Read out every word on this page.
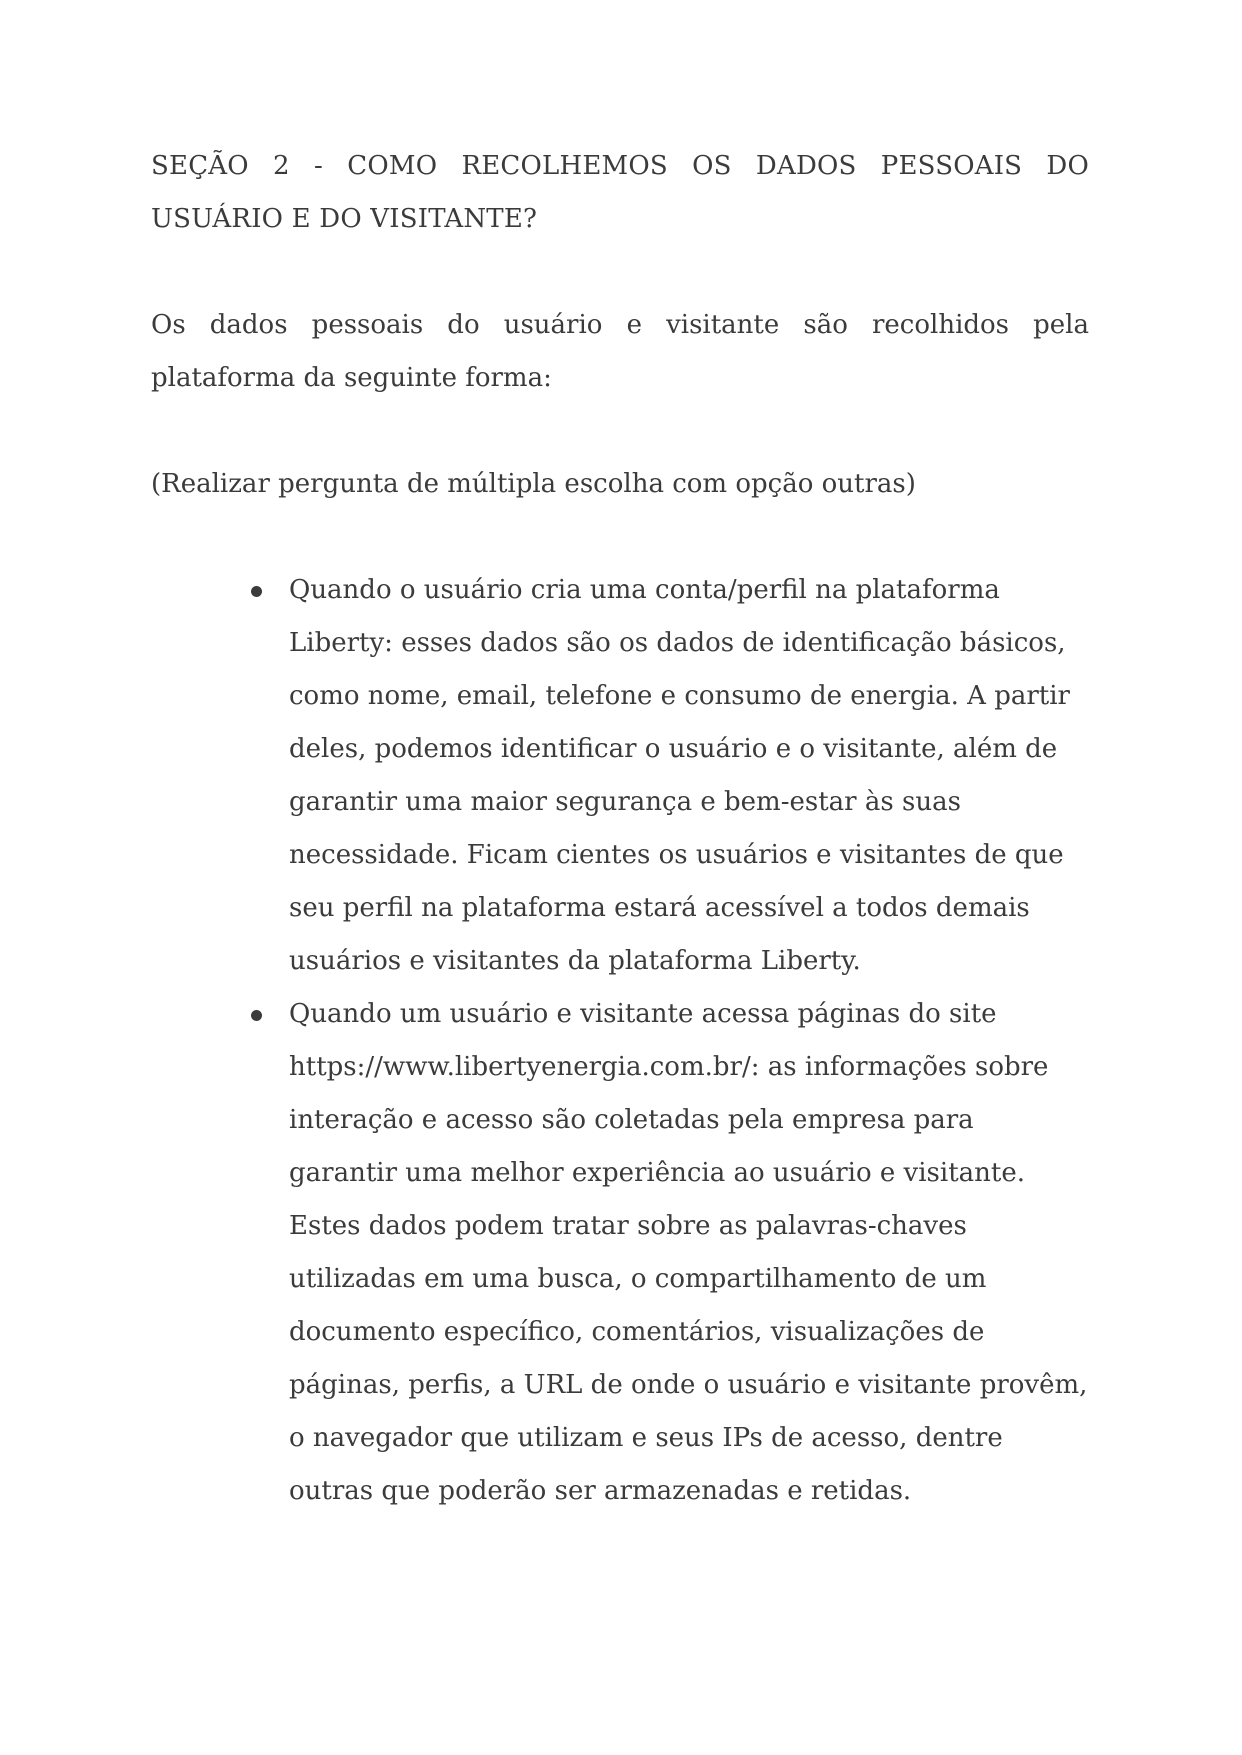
SEÇÃO 2 - COMO RECOLHEMOS OS DADOS PESSOAIS DO USUÁRIO E DO VISITANTE?

Os dados pessoais do usuário e visitante são recolhidos pela plataforma da seguinte forma:

(Realizar pergunta de múltipla escolha com opção outras)

Quando o usuário cria uma conta/perfil na plataforma Liberty: esses dados são os dados de identificação básicos, como nome, email, telefone e consumo de energia. A partir deles, podemos identificar o usuário e o visitante, além de garantir uma maior segurança e bem-estar às suas necessidade. Ficam cientes os usuários e visitantes de que seu perfil na plataforma estará acessível a todos demais usuários e visitantes da plataforma Liberty.
Quando um usuário e visitante acessa páginas do site https://www.libertyenergia.com.br/: as informações sobre interação e acesso são coletadas pela empresa para garantir uma melhor experiência ao usuário e visitante. Estes dados podem tratar sobre as palavras-chaves utilizadas em uma busca, o compartilhamento de um documento específico, comentários, visualizações de páginas, perfis, a URL de onde o usuário e visitante provêm, o navegador que utilizam e seus IPs de acesso, dentre outras que poderão ser armazenadas e retidas.
